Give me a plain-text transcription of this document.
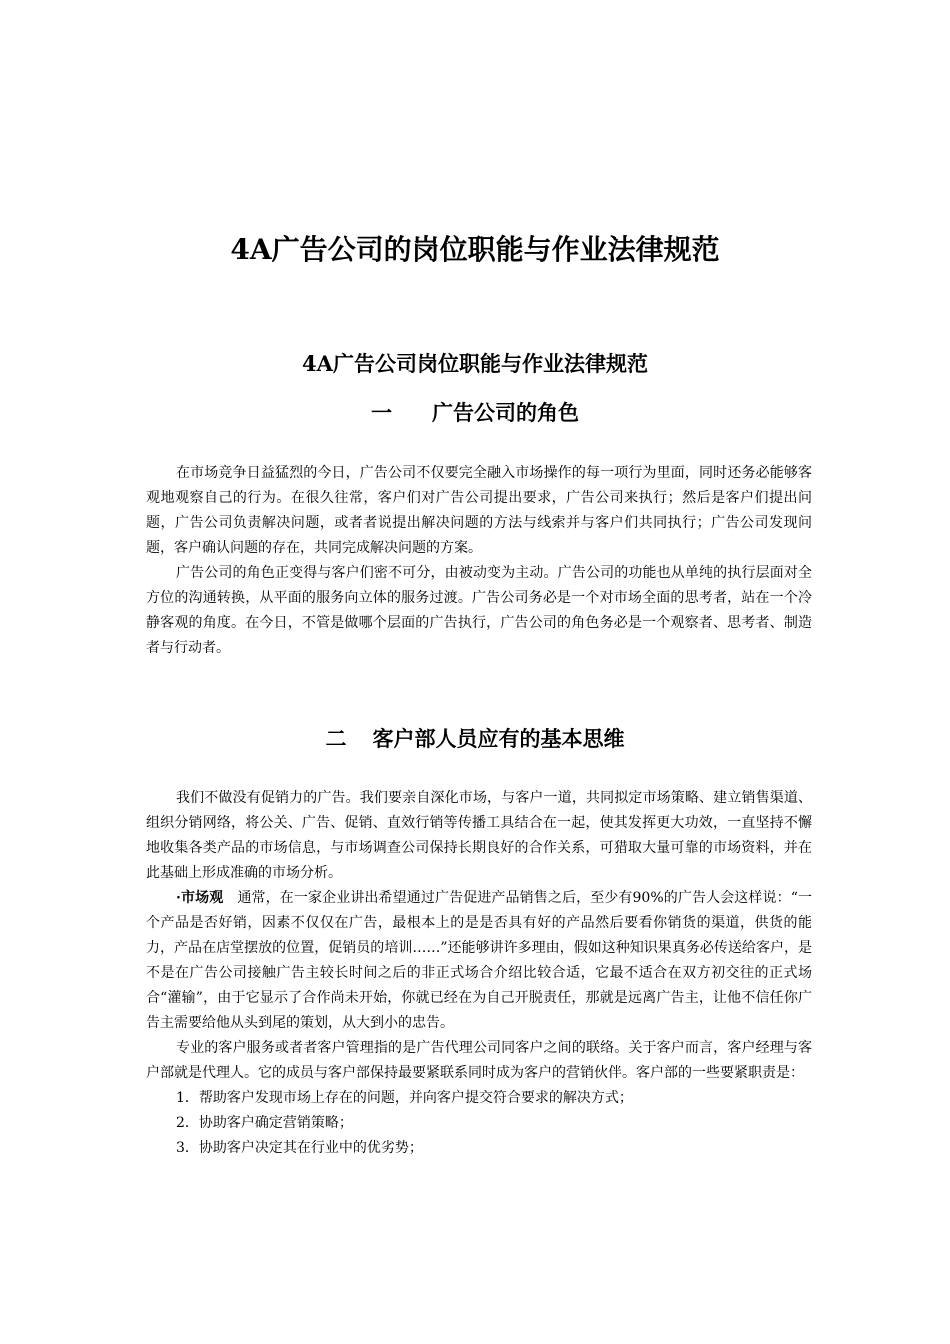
4A广告公司的岗位职能与作业法律规范
4A广告公司岗位职能与作业法律规范
一 广告公司的角色

在市场竞争日益猛烈的今日，广告公司不仅要完全融入市场操作的每一项行为里面，同时还务必能够客观地观察自己的行为。在很久往常，客户们对广告公司提出要求，广告公司来执行；然后是客户们提出问题，广告公司负责解决问题，或者者说提出解决问题的方法与线索并与客户们共同执行；广告公司发现问题，客户确认问题的存在，共同完成解决问题的方案。

广告公司的角色正变得与客户们密不可分，由被动变为主动。广告公司的功能也从单纯的执行层面对全方位的沟通转换，从平面的服务向立体的服务过渡。广告公司务必是一个对市场全面的思考者，站在一个冷静客观的角度。在今日，不管是做哪个层面的广告执行，广告公司的角色务必是一个观察者、思考者、制造者与行动者。

二 客户部人员应有的基本思维

我们不做没有促销力的广告。我们要亲自深化市场，与客户一道，共同拟定市场策略、建立销售渠道、组织分销网络，将公关、广告、促销、直效行销等传播工具结合在一起，使其发挥更大功效，一直坚持不懈地收集各类产品的市场信息，与市场调查公司保持长期良好的合作关系，可猎取大量可靠的市场资料，并在此基础上形成准确的市场分析。

·市场观  通常，在一家企业讲出希望通过广告促进产品销售之后，至少有90%的广告人会这样说：“一个产品是否好销，因素不仅仅在广告，最根本上的是是否具有好的产品然后要看你销货的渠道，供货的能力，产品在店堂摆放的位置，促销员的培训……”还能够讲许多理由，假如这种知识果真务必传送给客户，是不是在广告公司接触广告主较长时间之后的非正式场合介绍比较合适，它最不适合在双方初交往的正式场合“灌输”，由于它显示了合作尚未开始，你就已经在为自己开脱责任，那就是远离广告主，让他不信任你广告主需要给他从头到尾的策划，从大到小的忠告。

专业的客户服务或者者客户管理指的是广告代理公司同客户之间的联络。关于客户而言，客户经理与客户部就是代理人。它的成员与客户部保持最要紧联系同时成为客户的营销伙伴。客户部的一些要紧职责是：

1．帮助客户发现市场上存在的问题，并向客户提交符合要求的解决方式；

2．协助客户确定营销策略；

3．协助客户决定其在行业中的优劣势；
